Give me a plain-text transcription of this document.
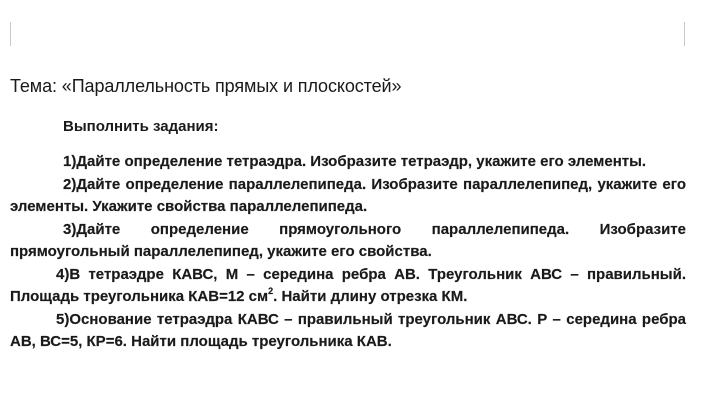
Тема: «Параллельность прямых и плоскостей»
Выполнить задания:

1)Дайте определение тетраэдра. Изобразите тетраэдр, укажите его элементы.

2)Дайте определение параллелепипеда. Изобразите параллелепипед, укажите его элементы. Укажите свойства параллелепипеда.

3)Дайте определение прямоугольного параллелепипеда. Изобразите прямоугольный параллелепипед, укажите его свойства.

4)В тетраэдре КАВС, М – середина ребра АВ. Треугольник АВС – правильный. Площадь треугольника КАВ=12 $см^2$. Найти длину отрезка КМ.

5)Основание тетраэдра КАВС – правильный треугольник АВС. Р – середина ребра АВ, ВС=5, КР=6. Найти площадь треугольника КАВ.
